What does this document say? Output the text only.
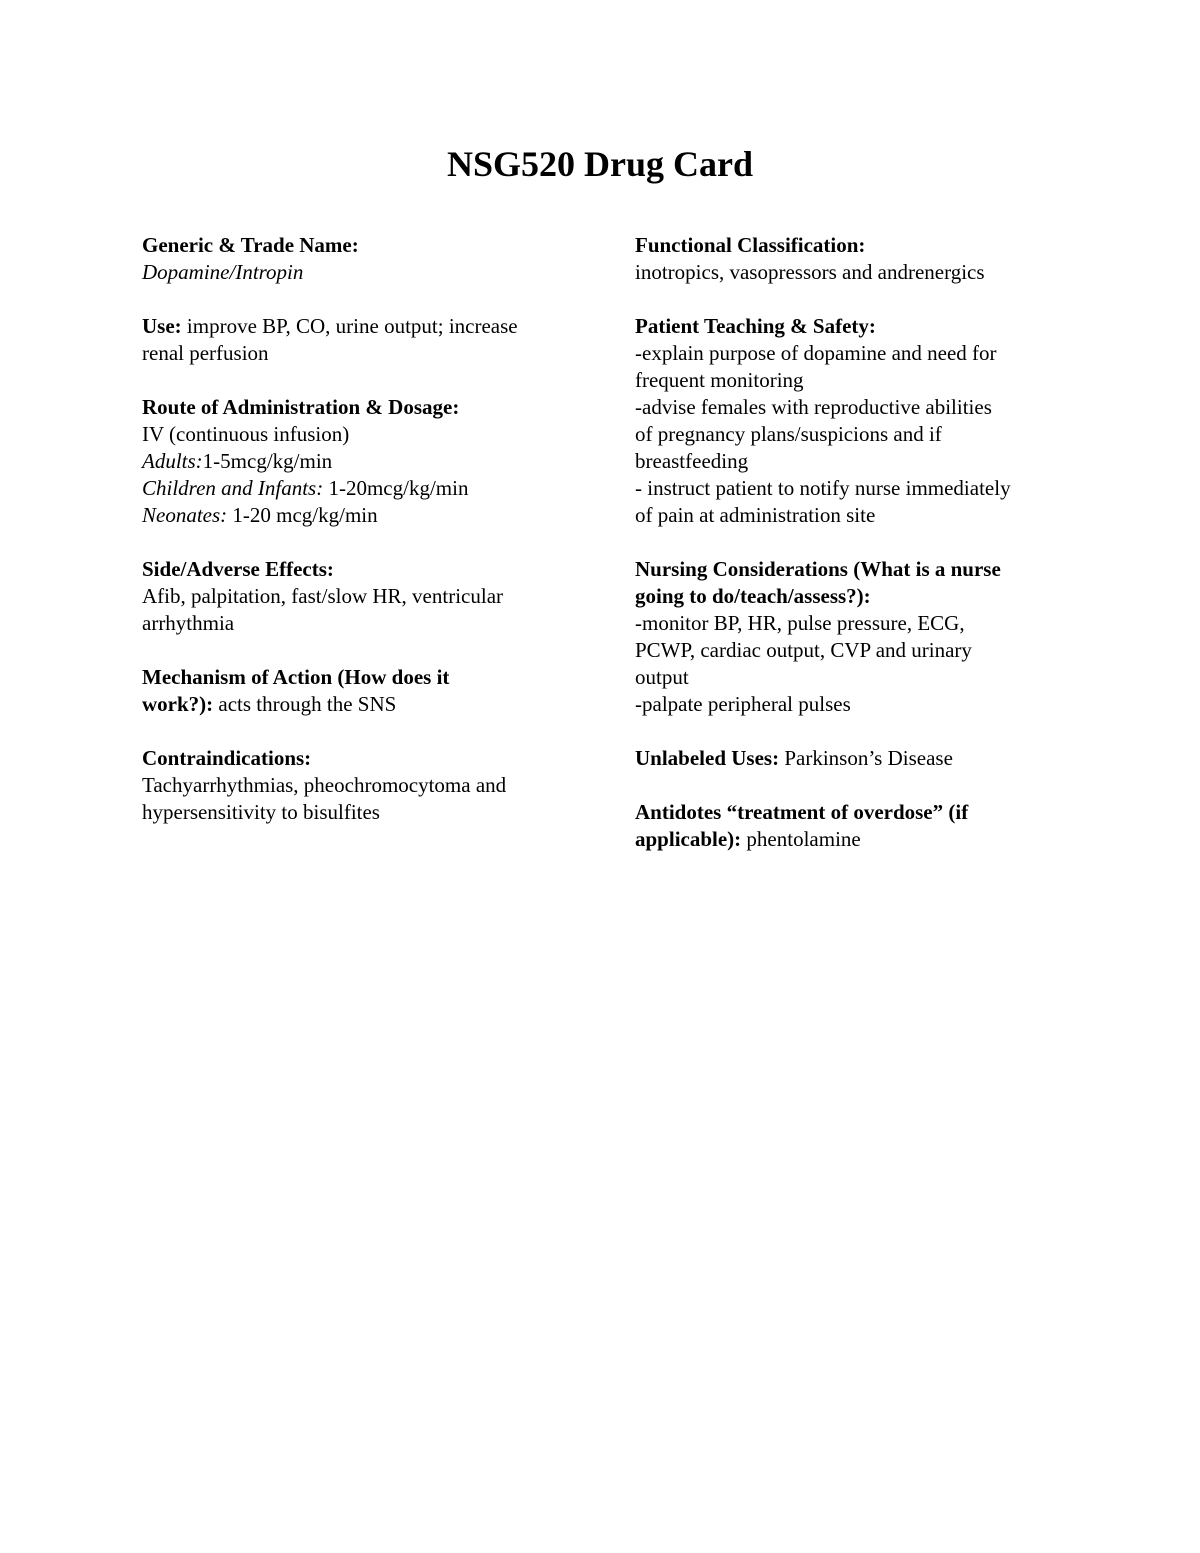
NSG520 Drug Card
Generic & Trade Name:
Dopamine/Intropin
Use: improve BP, CO, urine output; increase
renal perfusion
Route of Administration & Dosage:
IV (continuous infusion)
Adults:1-5mcg/kg/min
Children and Infants: 1-20mcg/kg/min
Neonates: 1-20 mcg/kg/min
Side/Adverse Effects:
Afib, palpitation, fast/slow HR, ventricular
arrhythmia
Mechanism of Action (How does it
work?): acts through the SNS
Contraindications:
Tachyarrhythmias, pheochromocytoma and
hypersensitivity to bisulfites
Functional Classification:
inotropics, vasopressors and andrenergics
Patient Teaching & Safety:
-explain purpose of dopamine and need for
frequent monitoring
-advise females with reproductive abilities
of pregnancy plans/suspicions and if
breastfeeding
- instruct patient to notify nurse immediately
of pain at administration site
Nursing Considerations (What is a nurse
going to do/teach/assess?):
-monitor BP, HR, pulse pressure, ECG,
PCWP, cardiac output, CVP and urinary
output
-palpate peripheral pulses
Unlabeled Uses: Parkinson’s Disease
Antidotes “treatment of overdose” (if
applicable): phentolamine
